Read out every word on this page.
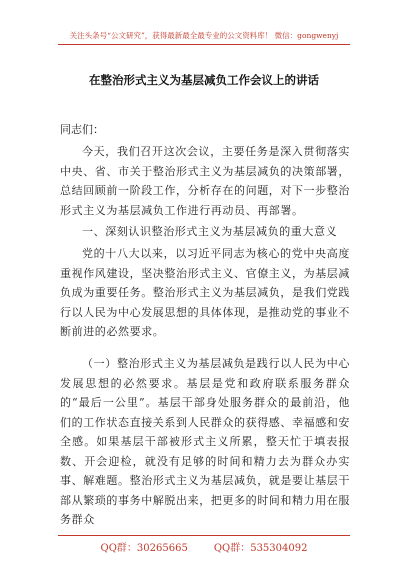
关注头条号“公文研究”，获得最新最全最专业的公文资料库！ 微信：gongwenyj
在整治形式主义为基层减负工作会议上的讲话
同志们：

今天，我们召开这次会议，主要任务是深入贯彻落实中央、省、市关于整治形式主义为基层减负的决策部署，总结回顾前一阶段工作，分析存在的问题，对下一步整治形式主义为基层减负工作进行再动员、再部署。

一、深刻认识整治形式主义为基层减负的重大意义

党的十八大以来，以习近平同志为核心的党中央高度重视作风建设，坚决整治形式主义、官僚主义，为基层减负成为重要任务。整治形式主义为基层减负，是我们党践行以人民为中心发展思想的具体体现，是推动党的事业不断前进的必然要求。

（一）整治形式主义为基层减负是践行以人民为中心发展思想的必然要求。基层是党和政府联系服务群众的“最后一公里”。基层干部身处服务群众的最前沿，他们的工作状态直接关系到人民群众的获得感、幸福感和安全感。如果基层干部被形式主义所累，整天忙于填表报数、开会迎检，就没有足够的时间和精力去为群众办实事、解难题。整治形式主义为基层减负，就是要让基层干部从繁琐的事务中解脱出来，把更多的时间和精力用在服务群众

QQ群：30265665	QQ群：535304092
